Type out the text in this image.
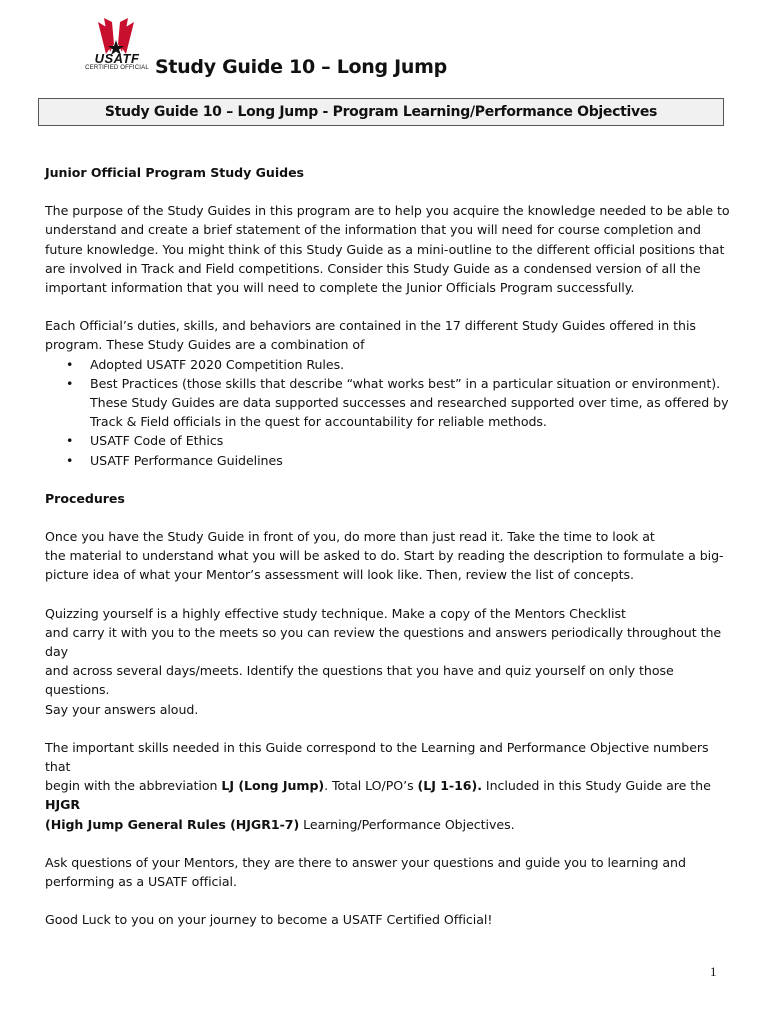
USATF
CERTIFIED OFFICIAL Study Guide 10 – Long Jump
Study Guide 10 – Long Jump - Program Learning/Performance Objectives

Junior Official Program Study Guides

The purpose of the Study Guides in this program are to help you acquire the knowledge needed to be able to

understand and create a brief statement of the information that you will need for course completion and

future knowledge. You might think of this Study Guide as a mini-outline to the different official positions that

are involved in Track and Field competitions. Consider this Study Guide as a condensed version of all the

important information that you will need to complete the Junior Officials Program successfully.

Each Official’s duties, skills, and behaviors are contained in the 17 different Study Guides offered in this

program. These Study Guides are a combination of

• Adopted USATF 2020 Competition Rules.
• Best Practices (those skills that describe “what works best” in a particular situation or environment).
These Study Guides are data supported successes and researched supported over time, as offered by
Track & Field officials in the quest for accountability for reliable methods.
• USATF Code of Ethics
• USATF Performance Guidelines

Procedures

Once you have the Study Guide in front of you, do more than just read it. Take the time to look at

the material to understand what you will be asked to do. Start by reading the description to formulate a big-

picture idea of what your Mentor’s assessment will look like. Then, review the list of concepts.

Quizzing yourself is a highly effective study technique. Make a copy of the Mentors Checklist

and carry it with you to the meets so you can review the questions and answers periodically throughout the day

and across several days/meets. Identify the questions that you have and quiz yourself on only those questions.

Say your answers aloud.

The important skills needed in this Guide correspond to the Learning and Performance Objective numbers that

begin with the abbreviation LJ (Long Jump). Total LO/PO’s (LJ 1-16). Included in this Study Guide are the HJGR

(High Jump General Rules (HJGR1-7) Learning/Performance Objectives.

Ask questions of your Mentors, they are there to answer your questions and guide you to learning and

performing as a USATF official.

Good Luck to you on your journey to become a USATF Certified Official!

1
